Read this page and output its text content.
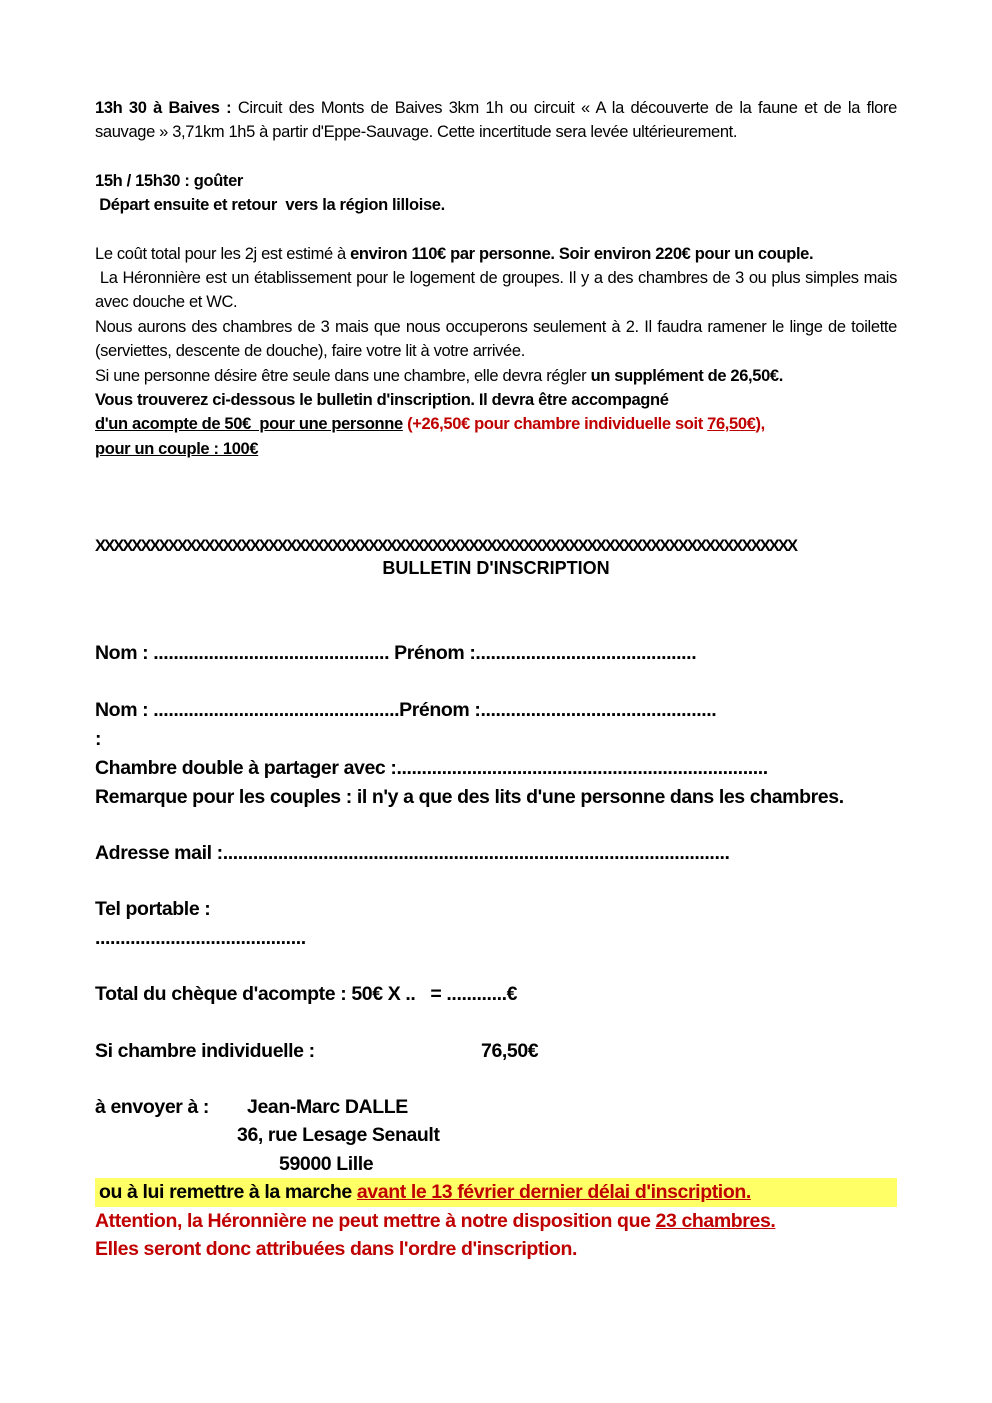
13h 30 à Baives : Circuit des Monts de Baives 3km 1h ou circuit « A la découverte de la faune et de la flore sauvage » 3,71km 1h5 à partir d'Eppe-Sauvage. Cette incertitude sera levée ultérieurement.

15h / 15h30 : goûter

Départ ensuite et retour  vers la région lilloise.

Le coût total pour les 2j est estimé à environ 110€ par personne. Soir environ 220€ pour un couple.

La Héronnière est un établissement pour le logement de groupes. Il y a des chambres de 3 ou plus simples mais avec douche et WC.

Nous aurons des chambres de 3 mais que nous occuperons seulement à 2. Il faudra ramener le linge de toilette (serviettes, descente de douche), faire votre lit à votre arrivée.

Si une personne désire être seule dans une chambre, elle devra régler un supplément de 26,50€.

Vous trouverez ci-dessous le bulletin d'inscription. Il devra être accompagné

d'un acompte de 50€  pour une personne (+26,50€ pour chambre individuelle soit 76,50€),

pour un couple : 100€

XXXXXXXXXXXXXXXXXXXXXXXXXXXXXXXXXXXXXXXXXXXXXXXXXXXXXXXXXXXXXXXXXXXXXXXXXXXXX
BULLETIN D'INSCRIPTION
Nom : ............................................... Prénom :............................................
Nom : .................................................Prénom :...............................................
:
Chambre double à partager avec :..........................................................................
Remarque pour les couples : il n'y a que des lits d'une personne dans les chambres.
Adresse mail :.....................................................................................................
Tel portable :
..........................................
Total du chèque d'acompte : 50€ X ..   = ............€
Si chambre individuelle :	76,50€
à envoyer à : Jean-Marc DALLE
36, rue Lesage Senault
59000 Lille
ou à lui remettre à la marche avant le 13 février dernier délai d'inscription.
Attention, la Héronnière ne peut mettre à notre disposition que 23 chambres.
Elles seront donc attribuées dans l'ordre d'inscription.
